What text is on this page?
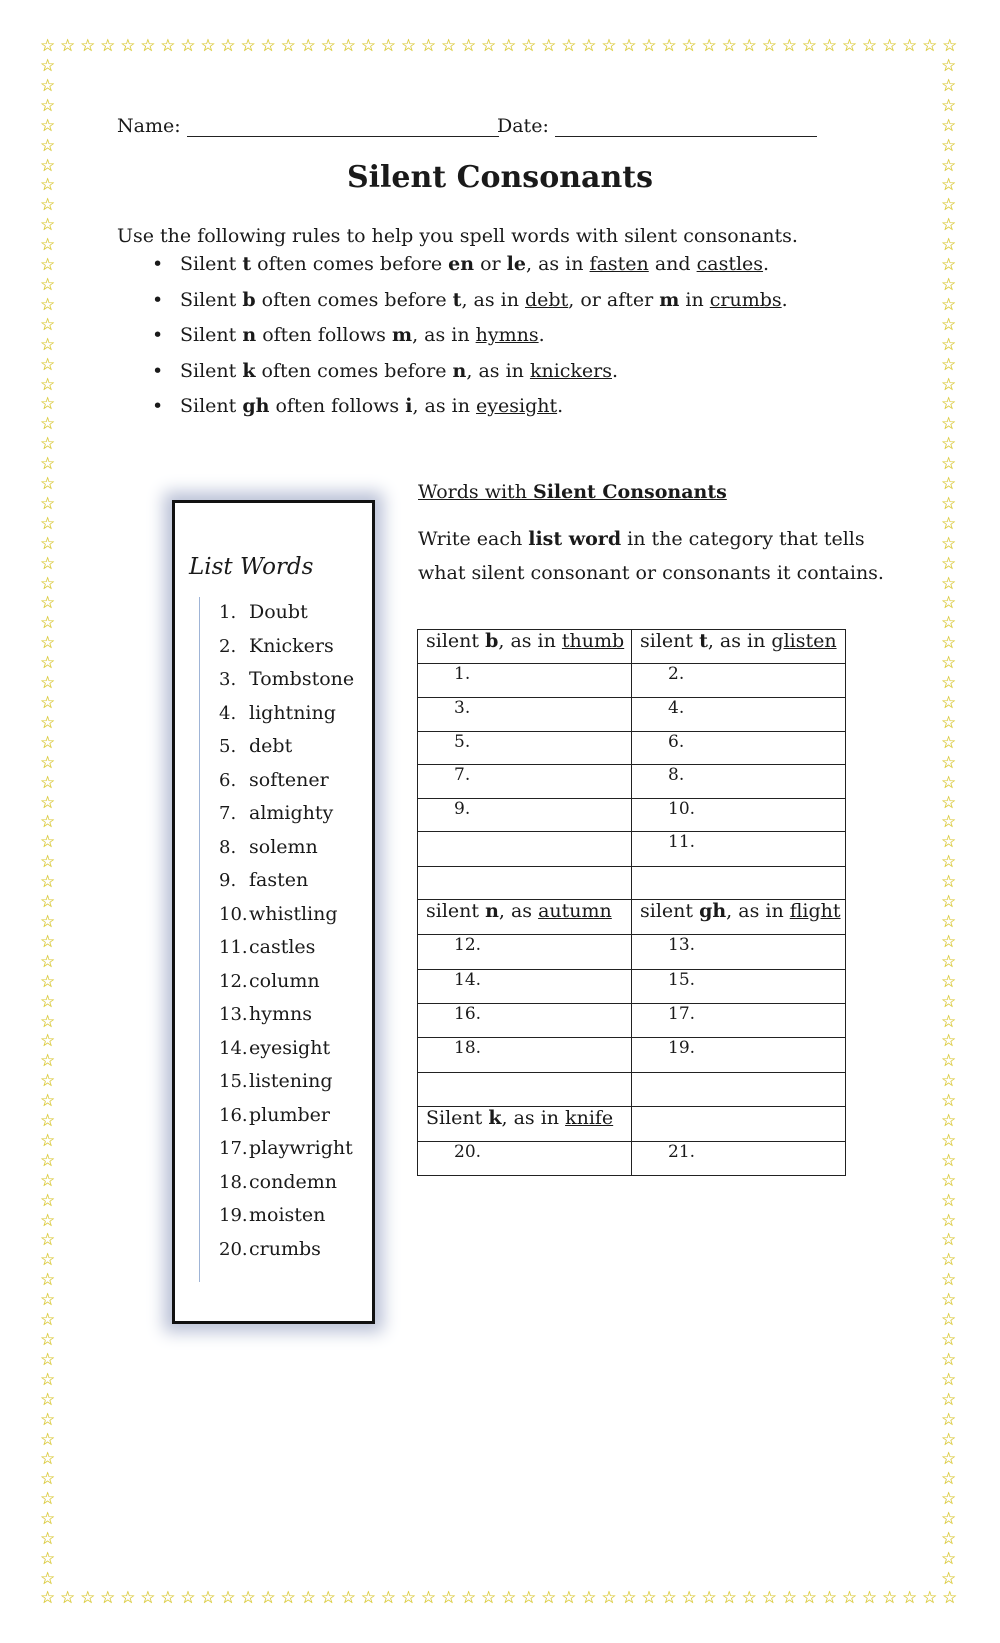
☆ ☆ ☆ ☆ ☆ ☆ ☆ ☆ ☆ ☆ ☆ ☆ ☆ ☆ ☆ ☆ ☆ ☆ ☆ ☆ ☆ ☆ ☆ ☆ ☆ ☆ ☆ ☆ ☆ ☆ ☆ ☆ ☆ ☆ ☆ ☆ ☆ ☆ ☆ ☆ ☆ ☆ ☆ ☆ ☆ ☆
☆ ☆ ☆ ☆ ☆ ☆ ☆ ☆ ☆ ☆ ☆ ☆ ☆ ☆ ☆ ☆ ☆ ☆ ☆ ☆ ☆ ☆ ☆ ☆ ☆ ☆ ☆ ☆ ☆ ☆ ☆ ☆ ☆ ☆ ☆ ☆ ☆ ☆ ☆ ☆ ☆ ☆ ☆ ☆ ☆ ☆
☆
☆
☆
☆
☆
☆
☆
☆
☆
☆
☆
☆
☆
☆
☆
☆
☆
☆
☆
☆
☆
☆
☆
☆
☆
☆
☆
☆
☆
☆
☆
☆
☆
☆
☆
☆
☆
☆
☆
☆
☆
☆
☆
☆
☆
☆
☆
☆
☆
☆
☆
☆
☆
☆
☆
☆
☆
☆
☆
☆
☆
☆
☆
☆
☆
☆
☆
☆
☆
☆
☆
☆
☆
☆
☆
☆
☆
☆
☆
☆
☆
☆
☆
☆
☆
☆
☆
☆
☆
☆
☆
☆
☆
☆
☆
☆
☆
☆
☆
☆
☆
☆
☆
☆
☆
☆
☆
☆
☆
☆
☆
☆
☆
☆
☆
☆
☆
☆
☆
☆
☆
☆
☆
☆
☆
☆
☆
☆
☆
☆
☆
☆
☆
☆
☆
☆
☆
☆
☆
☆
☆
☆
☆
☆
☆
☆
☆
☆
☆
☆
☆
☆
☆
☆
Name:	Date:
Silent Consonants
Use the following rules to help you spell words with silent consonants.
• Silent t often comes before en or le, as in fasten and castles.
• Silent b often comes before t, as in debt, or after m in crumbs.
• Silent n often follows m, as in hymns.
• Silent k often comes before n, as in knickers.
• Silent gh often follows i, as in eyesight.
List Words
1. Doubt
2. Knickers
3. Tombstone
4. lightning
5. debt
6. softener
7. almighty
8. solemn
9. fasten
10. whistling
11. castles
12. column
13. hymns
14. eyesight
15. listening
16. plumber
17. playwright
18. condemn
19. moisten
20. crumbs
Words with Silent Consonants
Write each list word in the category that tells what silent consonant or consonants it contains.
silent b, as in thumb	silent t, as in glisten
1.	2.
3.	4.
5.	6.
7.	8.
9.	10.
	11.

silent n, as autumn	silent gh, as in flight
12.	13.
14.	15.
16.	17.
18.	19.

Silent k, as in knife	
20.	21.
